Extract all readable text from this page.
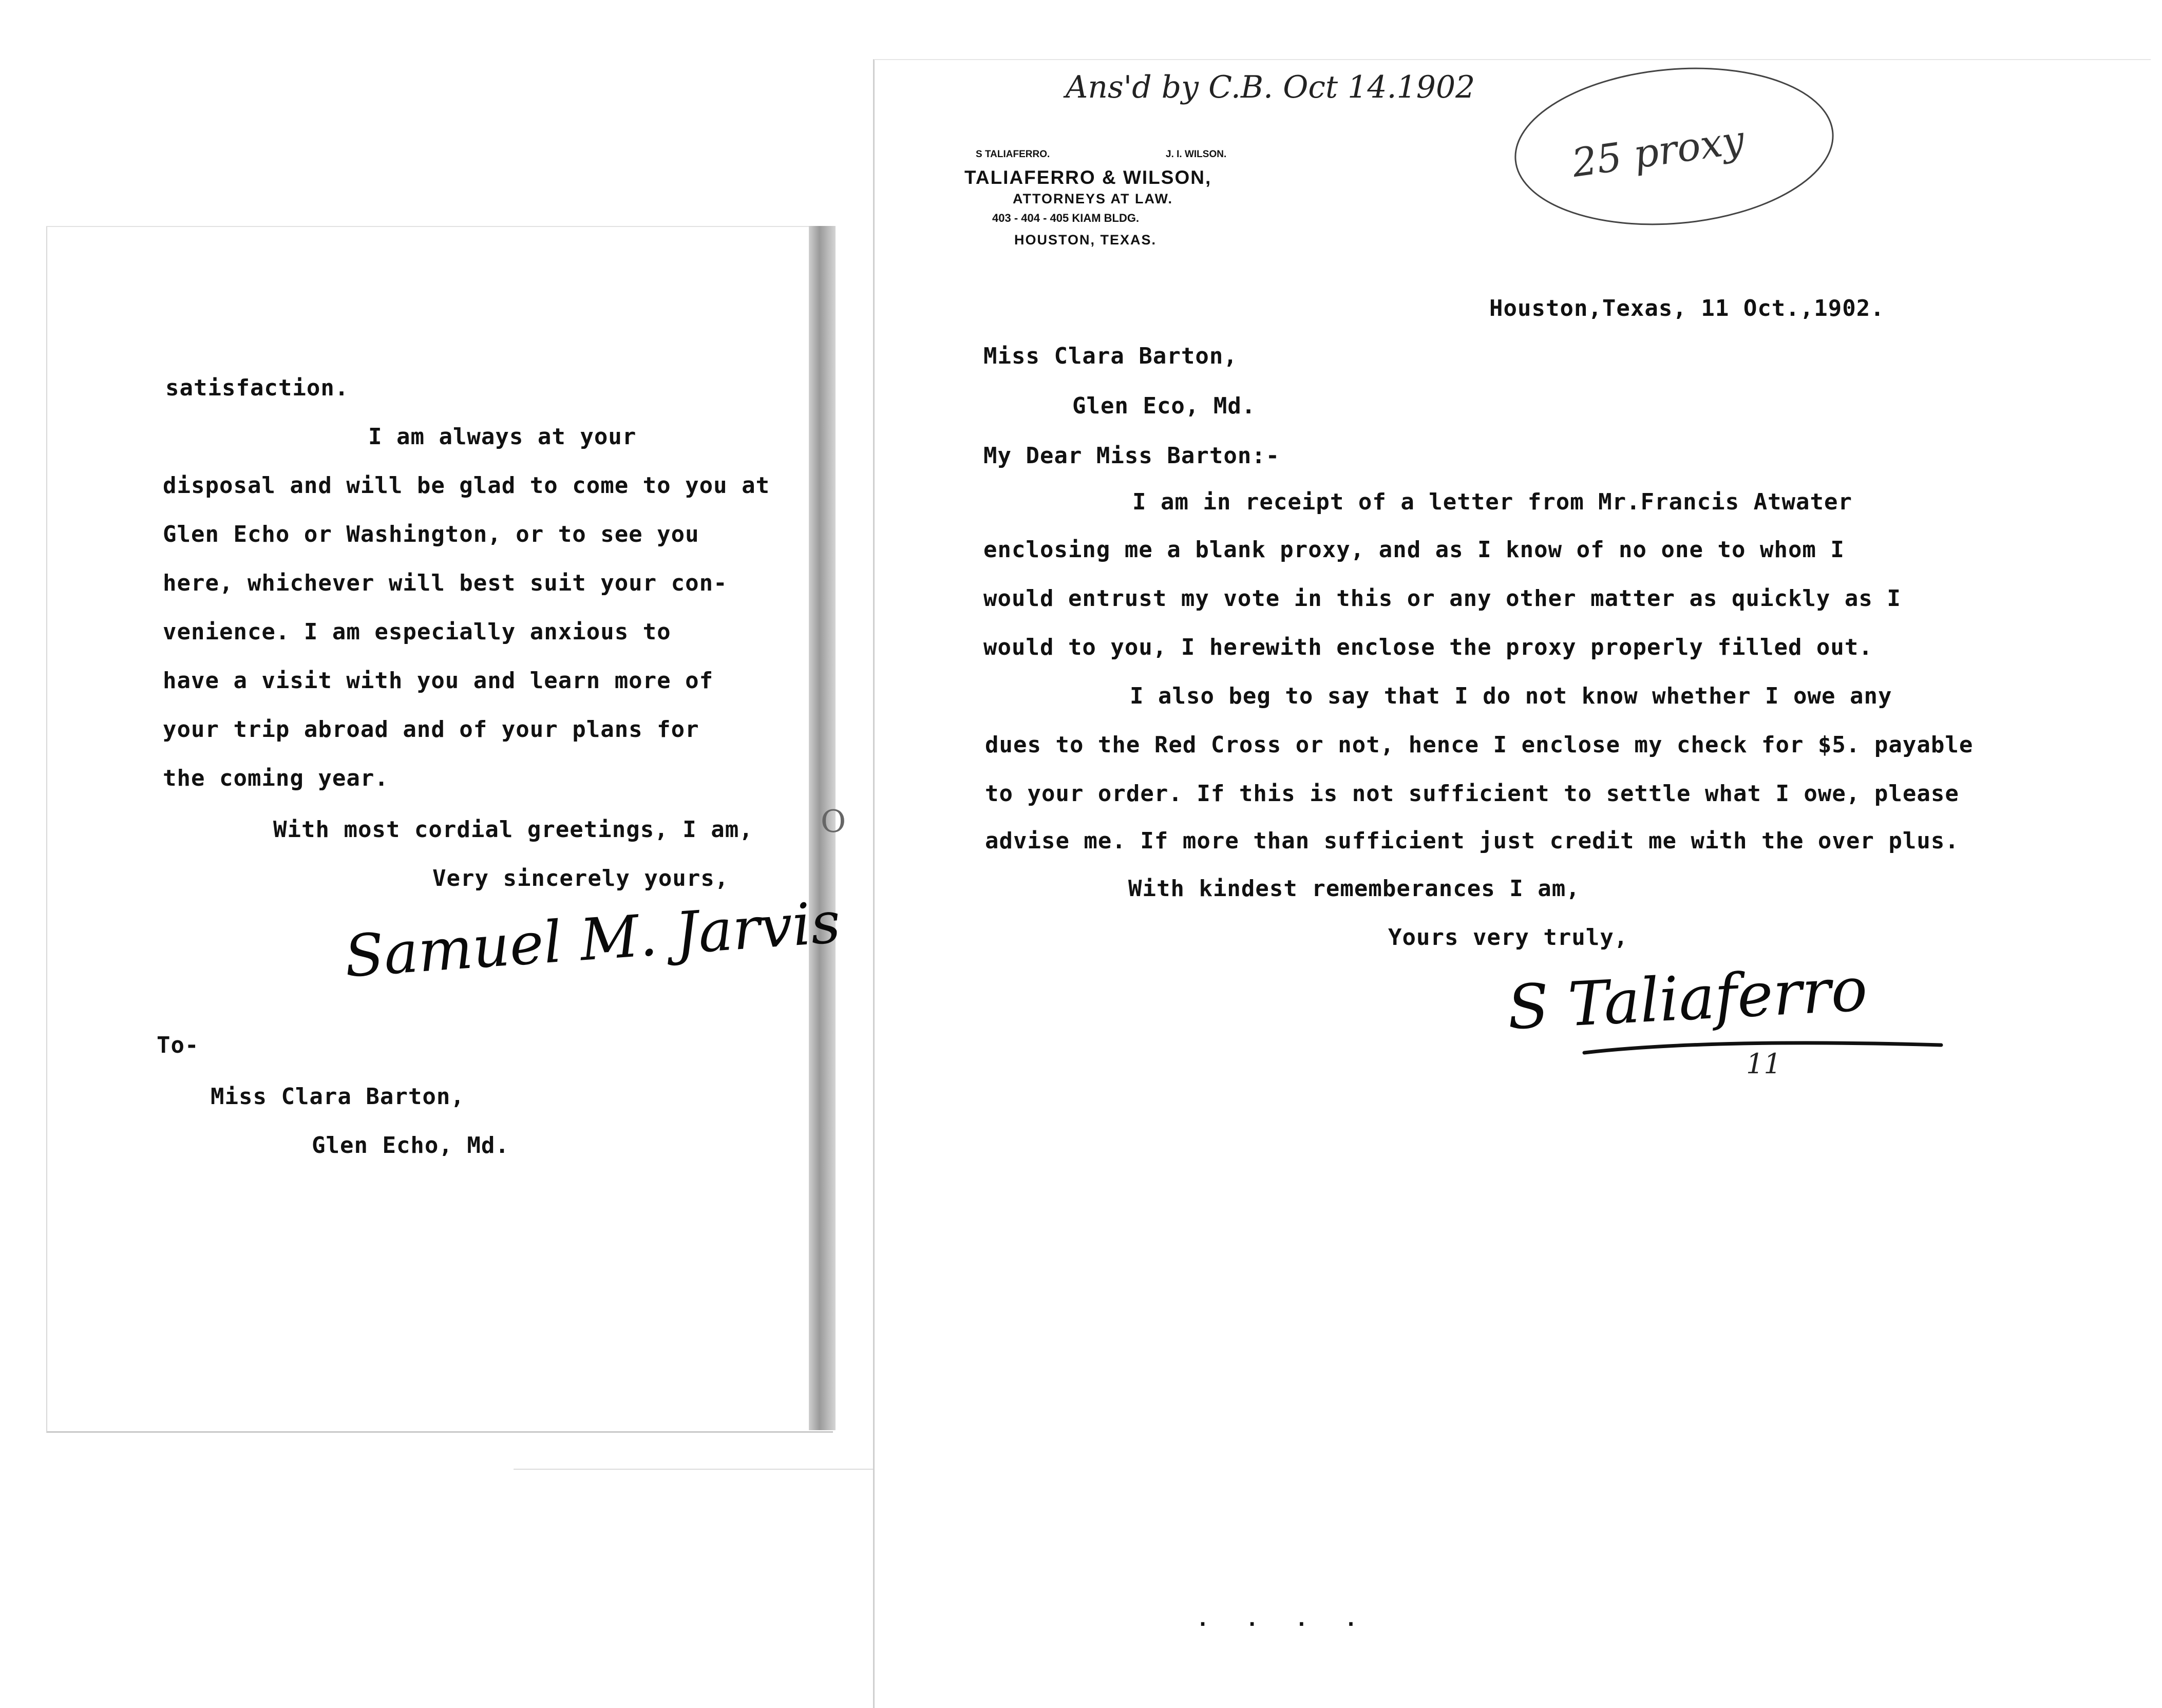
satisfaction.
I am always at your
disposal and will be glad to come to you at
Glen Echo or Washington, or to see you
here, whichever will best suit your con-
venience. I am especially anxious to
have a visit with you and learn more of
your trip abroad and of your plans for
the coming year.
With most cordial greetings, I am,
Very sincerely yours,
Samuel M. Jarvis
To-
Miss Clara Barton,
Glen Echo, Md.
O
Ans'd by C.B. Oct 14.1902
25 proxy
S TALIAFERRO.	J. I. WILSON.
TALIAFERRO & WILSON,
ATTORNEYS AT LAW.
403 - 404 - 405 KIAM BLDG.
HOUSTON, TEXAS.
Houston,Texas, 11 Oct.,1902.
Miss Clara Barton,
Glen Eco, Md.
My Dear Miss Barton:-
I am in receipt of a letter from Mr.Francis Atwater
enclosing me a blank proxy, and as I know of no one to whom I
would entrust my vote in this or any other matter as quickly as I
would to you, I herewith enclose the proxy properly filled out.
I also beg to say that I do not know whether I owe any
dues to the Red Cross or not, hence I enclose my check for $5. payable
to your order. If this is not sufficient to settle what I owe, please
advise me. If more than sufficient just credit me with the over plus.
With kindest rememberances I am,
Yours very truly,
S Taliaferro
11
. . . .
